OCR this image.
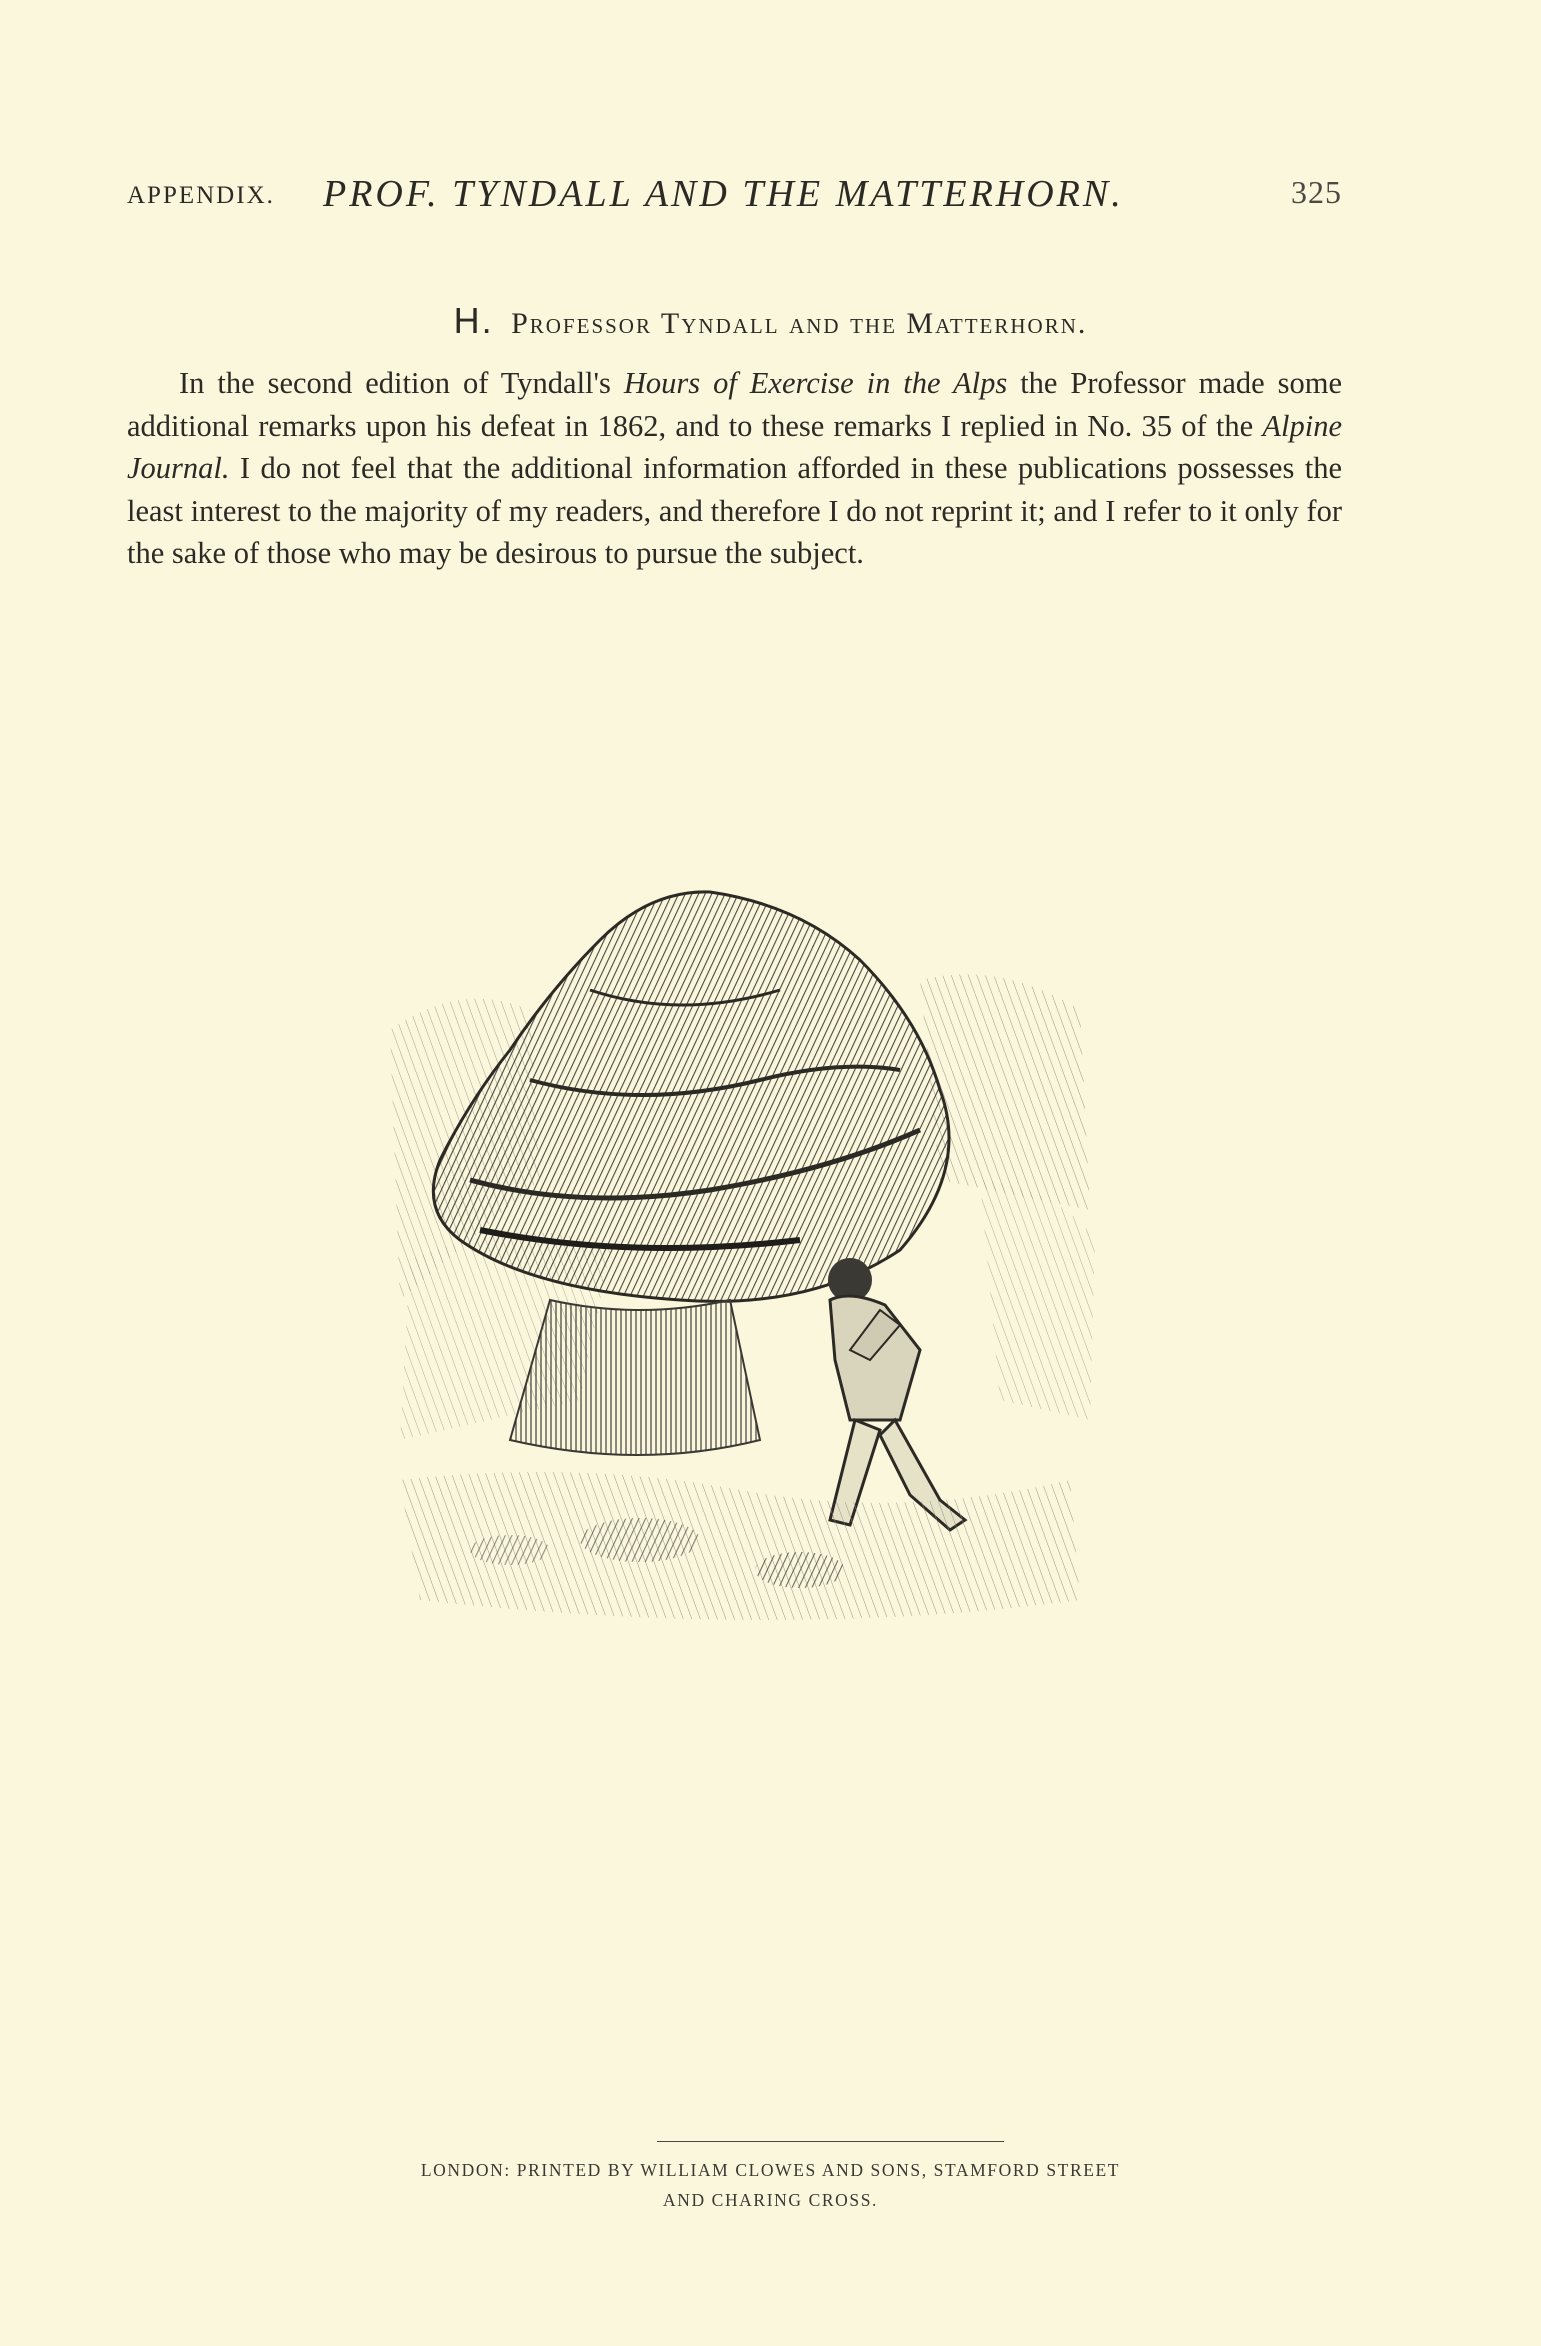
APPENDIX. PROF. TYNDALL AND THE MATTERHORN.	325
H. Professor Tyndall and the Matterhorn.
In the second edition of Tyndall's Hours of Exercise in the Alps the Professor made some additional remarks upon his defeat in 1862, and to these remarks I replied in No. 35 of the Alpine Journal. I do not feel that the additional information afforded in these publications possesses the least interest to the majority of my readers, and therefore I do not reprint it; and I refer to it only for the sake of those who may be desirous to pursue the subject.
LONDON: PRINTED BY WILLIAM CLOWES AND SONS, STAMFORD STREET
AND CHARING CROSS.
